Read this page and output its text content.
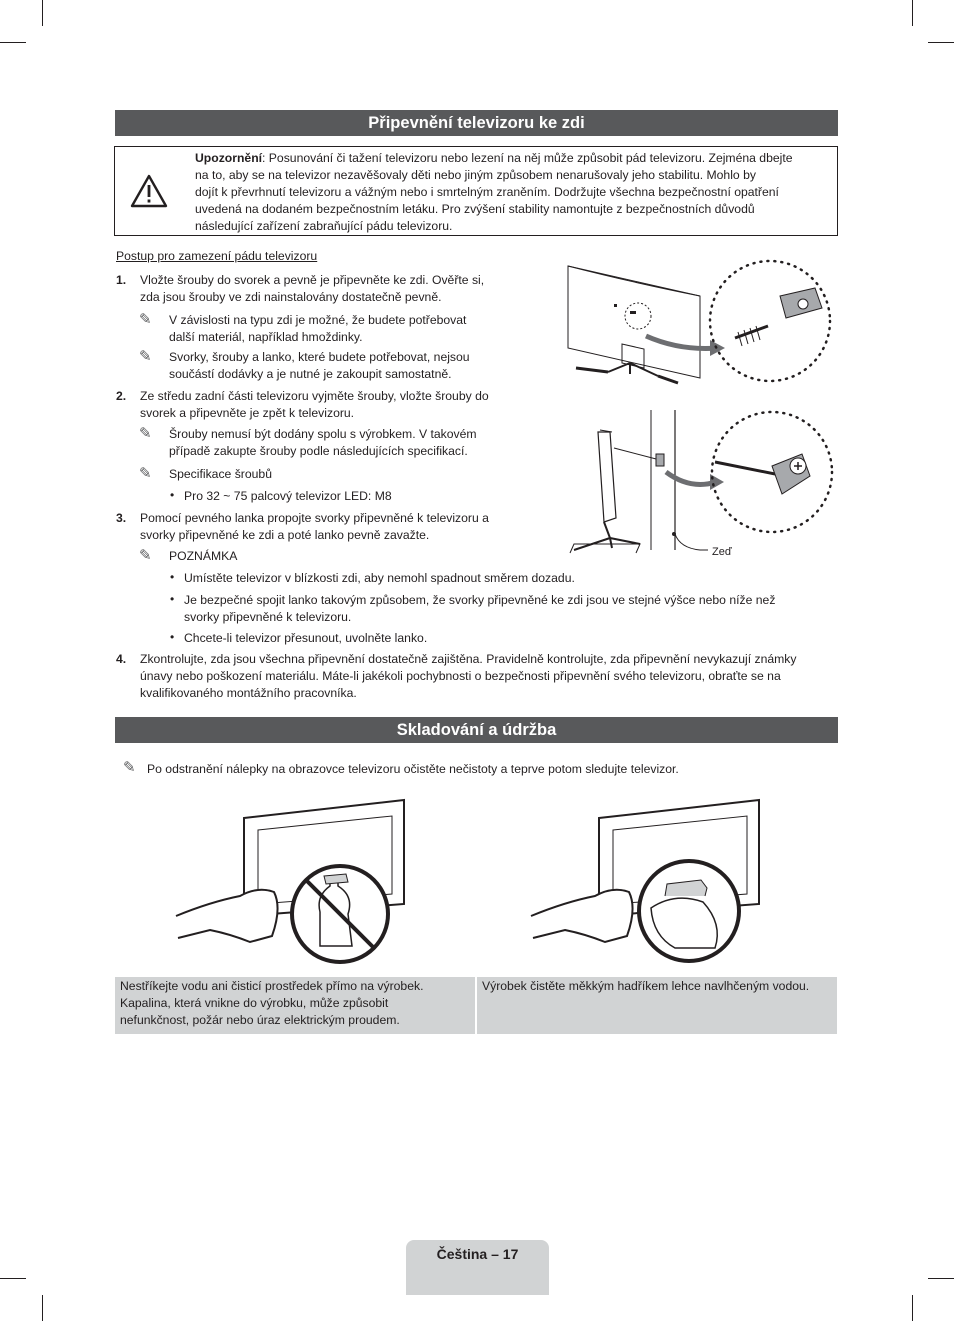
Připevnění televizoru ke zdi
Upozornění: Posunování či tažení televizoru nebo lezení na něj může způsobit pád televizoru. Zejména dbejte
na to, aby se na televizor nezavěšovaly děti nebo jiným způsobem nenarušovaly jeho stabilitu. Mohlo by
dojít k převrhnutí televizoru a vážným nebo i smrtelným zraněním. Dodržujte všechna bezpečnostní opatření
uvedená na dodaném bezpečnostním letáku. Pro zvýšení stability namontujte z bezpečnostních důvodů
následující zařízení zabraňující pádu televizoru.
Postup pro zamezení pádu televizoru
1. Vložte šrouby do svorek a pevně je připevněte ke zdi. Ověřte si,
zda jsou šrouby ve zdi nainstalovány dostatečně pevně.
✎ V závislosti na typu zdi je možné, že budete potřebovat
další materiál, například hmoždinky.
✎ Svorky, šrouby a lanko, které budete potřebovat, nejsou
součástí dodávky a je nutné je zakoupit samostatně.
2. Ze středu zadní části televizoru vyjměte šrouby, vložte šrouby do
svorek a připevněte je zpět k televizoru.
✎ Šrouby nemusí být dodány spolu s výrobkem. V takovém
případě zakupte šrouby podle následujících specifikací.
✎ Specifikace šroubů
• Pro 32 ~ 75 palcový televizor LED: M8
3. Pomocí pevného lanka propojte svorky připevněné k televizoru a
svorky připevněné ke zdi a poté lanko pevně zavažte.
✎ POZNÁMKA
• Umístěte televizor v blízkosti zdi, aby nemohl spadnout směrem dozadu.
• Je bezpečné spojit lanko takovým způsobem, že svorky připevněné ke zdi jsou ve stejné výšce nebo níže než
svorky připevněné k televizoru.
• Chcete-li televizor přesunout, uvolněte lanko.
4. Zkontrolujte, zda jsou všechna připevnění dostatečně zajištěna. Pravidelně kontrolujte, zda připevnění nevykazují známky
únavy nebo poškození materiálu. Máte-li jakékoli pochybnosti o bezpečnosti připevnění svého televizoru, obraťte se na
kvalifikovaného montážního pracovníka.
Zeď
Skladování a údržba
✎ Po odstranění nálepky na obrazovce televizoru očistěte nečistoty a teprve potom sledujte televizor.
Nestříkejte vodu ani čisticí prostředek přímo na výrobek.
Kapalina, která vnikne do výrobku, může způsobit
nefunkčnost, požár nebo úraz elektrickým proudem.
Výrobek čistěte měkkým hadříkem lehce navlhčeným vodou.
Čeština – 17
